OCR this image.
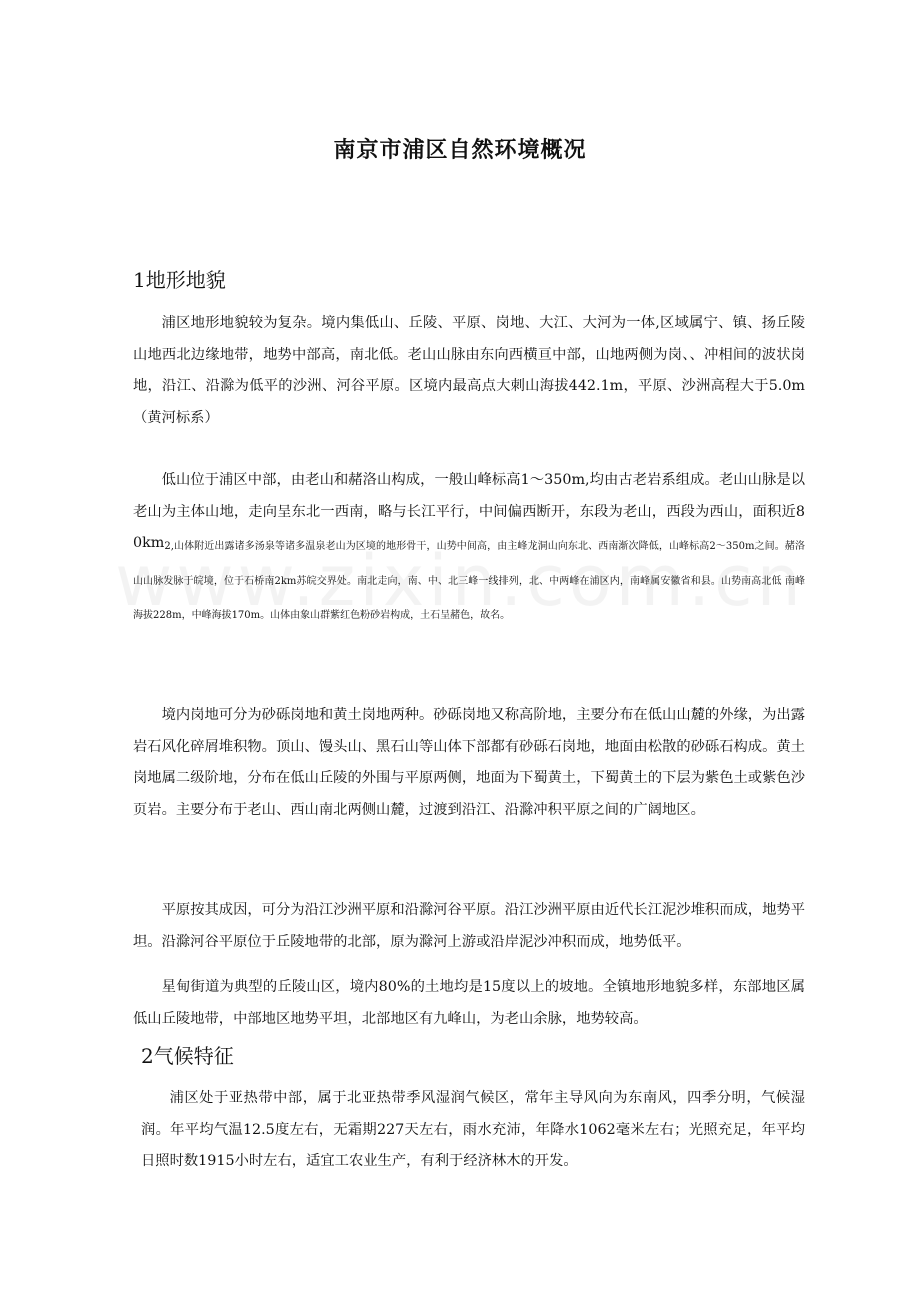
南京市浦区自然环境概况
1地形地貌

浦区地形地貌较为复杂。境内集低山、丘陵、平原、岗地、大江、大河为一体,区域属宁、镇、扬丘陵山地西北边缘地带，地势中部高，南北低。老山山脉由东向西横亘中部，山地两侧为岗、、冲相间的波状岗地，沿江、沿滁为低平的沙洲、河谷平原。区境内最高点大刺山海拔442.1m，平原、沙洲高程大于5.0m（黄河标系）

低山位于浦区中部，由老山和赭洛山构成，一般山峰标高1～350m,均由古老岩系组成。老山山脉是以老山为主体山地，走向呈东北一西南，略与长江平行，中间偏西断开，东段为老山，西段为西山，面积近$80km_{2,山体附近出露诸多汤泉等诸多温泉老山为区境的地形骨干,山势中间高,由主峰龙洞山向东北、西南渐次降低,山峰标高2\sim 350m之间。赭洛山山脉发脉于皖境,位于石桥南2km苏皖交界处。南北走向,南、中、北三峰一线排列,北、中两峰在浦区内,南峰属安徽省和县。山势南高北低 南峰海拔228m,中峰海拔170m。山体由象山群紫红色粉砂岩构成,土石呈赭色,故名。}$

境内岗地可分为砂砾岗地和黄土岗地两种。砂砾岗地又称高阶地，主要分布在低山山麓的外缘，为出露岩石风化碎屑堆积物。顶山、馒头山、黑石山等山体下部都有砂砾石岗地，地面由松散的砂砾石构成。黄土岗地属二级阶地，分布在低山丘陵的外围与平原两侧，地面为下蜀黄土，下蜀黄土的下层为紫色土或紫色沙页岩。主要分布于老山、西山南北两侧山麓，过渡到沿江、沿滁冲积平原之间的广阔地区。

平原按其成因，可分为沿江沙洲平原和沿滁河谷平原。沿江沙洲平原由近代长江泥沙堆积而成，地势平坦。沿滁河谷平原位于丘陵地带的北部，原为滁河上游或沿岸泥沙冲积而成，地势低平。

星甸街道为典型的丘陵山区，境内80%的土地均是15度以上的坡地。全镇地形地貌多样，东部地区属低山丘陵地带，中部地区地势平坦，北部地区有九峰山，为老山余脉，地势较高。

2气候特征

浦区处于亚热带中部，属于北亚热带季风湿润气候区，常年主导风向为东南风，四季分明，气候湿润。年平均气温12.5度左右，无霜期227天左右，雨水充沛，年降水1062毫米左右；光照充足，年平均日照时数1915小时左右，适宜工农业生产，有利于经济林木的开发。
